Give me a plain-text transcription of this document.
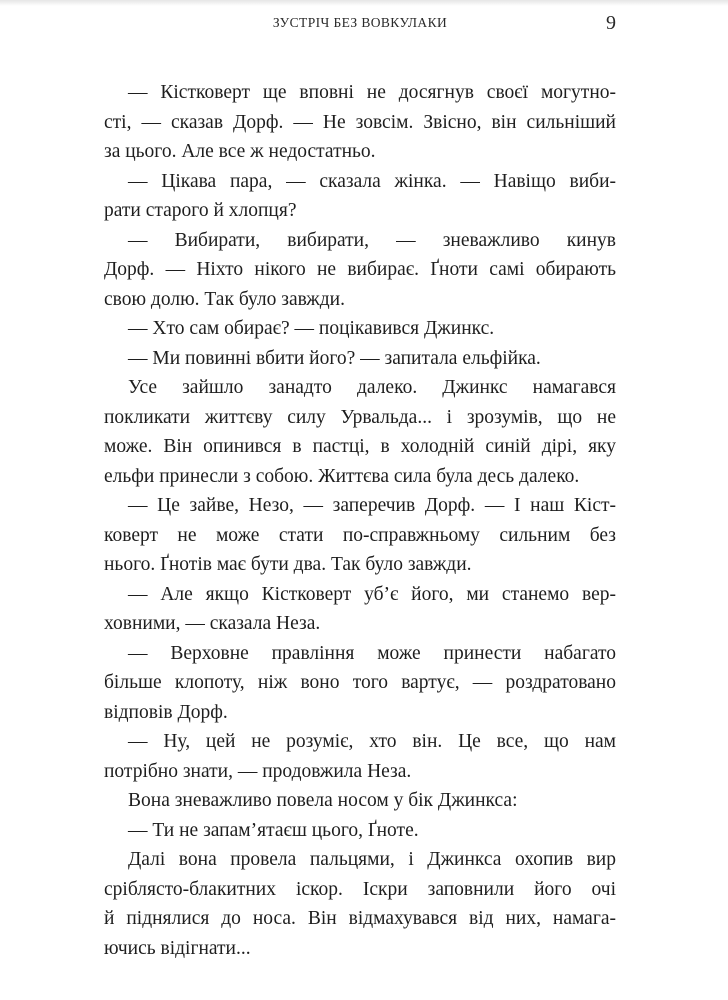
ЗУСТРІЧ БЕЗ ВОВКУЛАКИ	9
— Кістковерт ще вповні не досягнув своєї могутно-
сті, — сказав Дорф. — Не зовсім. Звісно, він сильніший
за цього. Але все ж недостатньо.
— Цікава пара, — сказала жінка. — Навіщо виби-
рати старого й хлопця?
— Вибирати, вибирати, — зневажливо кинув
Дорф. — Ніхто нікого не вибирає. Ґноти самі обирають
свою долю. Так було завжди.
— Хто сам обирає? — поцікавився Джинкс.
— Ми повинні вбити його? — запитала ельфійка.
Усе зайшло занадто далеко. Джинкс намагався
покликати життєву силу Урвальда... і зрозумів, що не
може. Він опинився в пастці, в холодній синій дірі, яку
ельфи принесли з собою. Життєва сила була десь далеко.
— Це зайве, Незо, — заперечив Дорф. — І наш Кіст-
коверт не може стати по-справжньому сильним без
нього. Ґнотів має бути два. Так було завжди.
— Але якщо Кістковерт уб’є його, ми станемо вер-
ховними, — сказала Неза.
— Верховне правління може принести набагато
більше клопоту, ніж воно того вартує, — роздратовано
відповів Дорф.
— Ну, цей не розуміє, хто він. Це все, що нам
потрібно знати, — продовжила Неза.
Вона зневажливо повела носом у бік Джинкса:
— Ти не запам’ятаєш цього, Ґноте.
Далі вона провела пальцями, і Джинкса охопив вир
сріблясто-блакитних іскор. Іскри заповнили його очі
й піднялися до носа. Він відмахувався від них, намага-
ючись відігнати...
